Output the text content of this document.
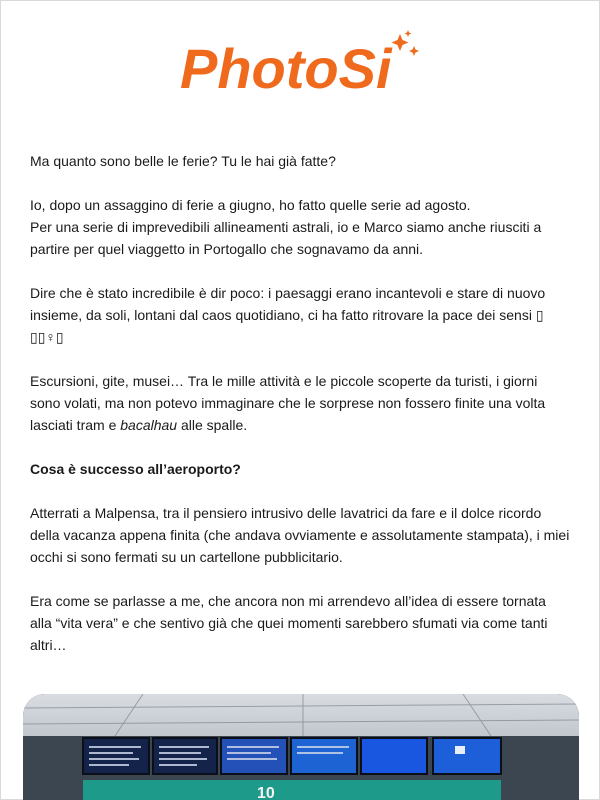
PhotoSi

Ma quanto sono belle le ferie? Tu le hai già fatte?

Io, dopo un assaggino di ferie a giugno, ho fatto quelle serie ad agosto.
Per una serie di imprevedibili allineamenti astrali, io e Marco siamo anche riusciti a partire per quel viaggetto in Portogallo che sognavamo da anni.

Dire che è stato incredibile è dir poco: i paesaggi erano incantevoli e stare di nuovo insieme, da soli, lontani dal caos quotidiano, ci ha fatto ritrovare la pace dei sensi ▯ ▯▯♀▯

Escursioni, gite, musei… Tra le mille attività e le piccole scoperte da turisti, i giorni sono volati, ma non potevo immaginare che le sorprese non fossero finite una volta lasciati tram e bacalhau alle spalle.

Cosa è successo all’aeroporto?

Atterrati a Malpensa, tra il pensiero intrusivo delle lavatrici da fare e il dolce ricordo della vacanza appena finita (che andava ovviamente e assolutamente stampata), i miei occhi si sono fermati su un cartellone pubblicitario.

Era come se parlasse a me, che ancora non mi arrendevo all’idea di essere tornata alla “vita vera” e che sentivo già che quei momenti sarebbero sfumati via come tanti altri…

10
